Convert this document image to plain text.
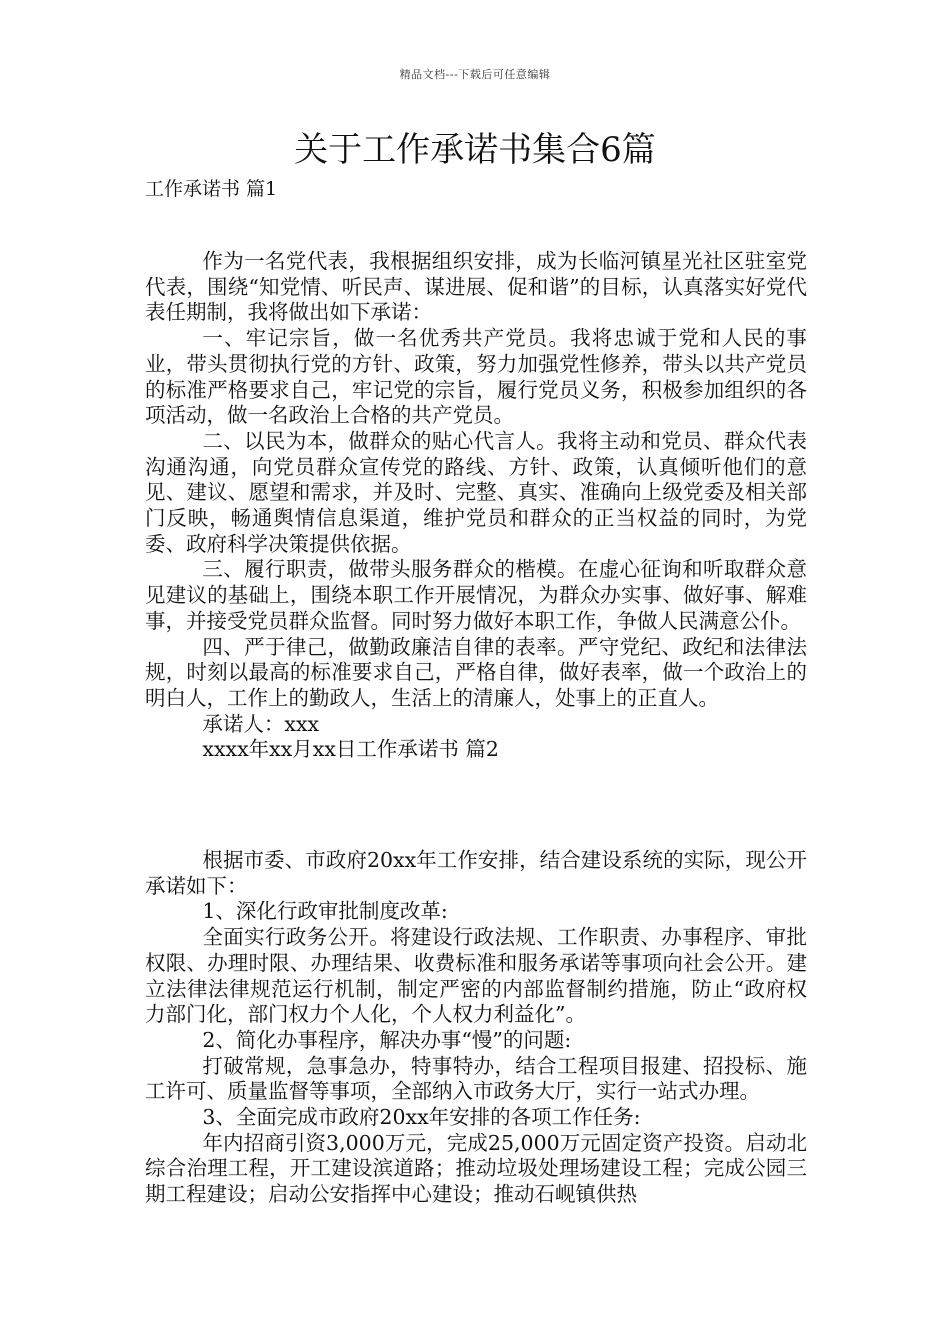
精品文档---下载后可任意编辑
关于工作承诺书集合6篇
工作承诺书 篇1

作为一名党代表，我根据组织安排，成为长临河镇星光社区驻室党代表，围绕“知党情、听民声、谋进展、促和谐”的目标，认真落实好党代表任期制，我将做出如下承诺：

一、牢记宗旨，做一名优秀共产党员。我将忠诚于党和人民的事业，带头贯彻执行党的方针、政策，努力加强党性修养，带头以共产党员的标准严格要求自己，牢记党的宗旨，履行党员义务，积极参加组织的各项活动，做一名政治上合格的共产党员。

二、以民为本，做群众的贴心代言人。我将主动和党员、群众代表沟通沟通，向党员群众宣传党的路线、方针、政策，认真倾听他们的意见、建议、愿望和需求，并及时、完整、真实、准确向上级党委及相关部门反映，畅通舆情信息渠道，维护党员和群众的正当权益的同时，为党委、政府科学决策提供依据。

三、履行职责，做带头服务群众的楷模。在虚心征询和听取群众意见建议的基础上，围绕本职工作开展情况，为群众办实事、做好事、解难事，并接受党员群众监督。同时努力做好本职工作，争做人民满意公仆。

四、严于律己，做勤政廉洁自律的表率。严守党纪、政纪和法律法规，时刻以最高的标准要求自己，严格自律，做好表率，做一个政治上的明白人，工作上的勤政人，生活上的清廉人，处事上的正直人。

承诺人：xxx

xxxx年xx月xx日工作承诺书 篇2

根据市委、市政府20xx年工作安排，结合建设系统的实际，现公开承诺如下：

1、深化行政审批制度改革:

全面实行政务公开。将建设行政法规、工作职责、办事程序、审批权限、办理时限、办理结果、收费标准和服务承诺等事项向社会公开。建立法律法律规范运行机制，制定严密的内部监督制约措施，防止“政府权力部门化，部门权力个人化，个人权力利益化”。

2、简化办事程序，解决办事“慢”的问题:

打破常规，急事急办，特事特办，结合工程项目报建、招投标、施工许可、质量监督等事项，全部纳入市政务大厅，实行一站式办理。

3、全面完成市政府20xx年安排的各项工作任务:

年内招商引资3,000万元，完成25,000万元固定资产投资。启动北综合治理工程，开工建设滨道路；推动垃圾处理场建设工程；完成公园三期工程建设；启动公安指挥中心建设；推动石岘镇供热
